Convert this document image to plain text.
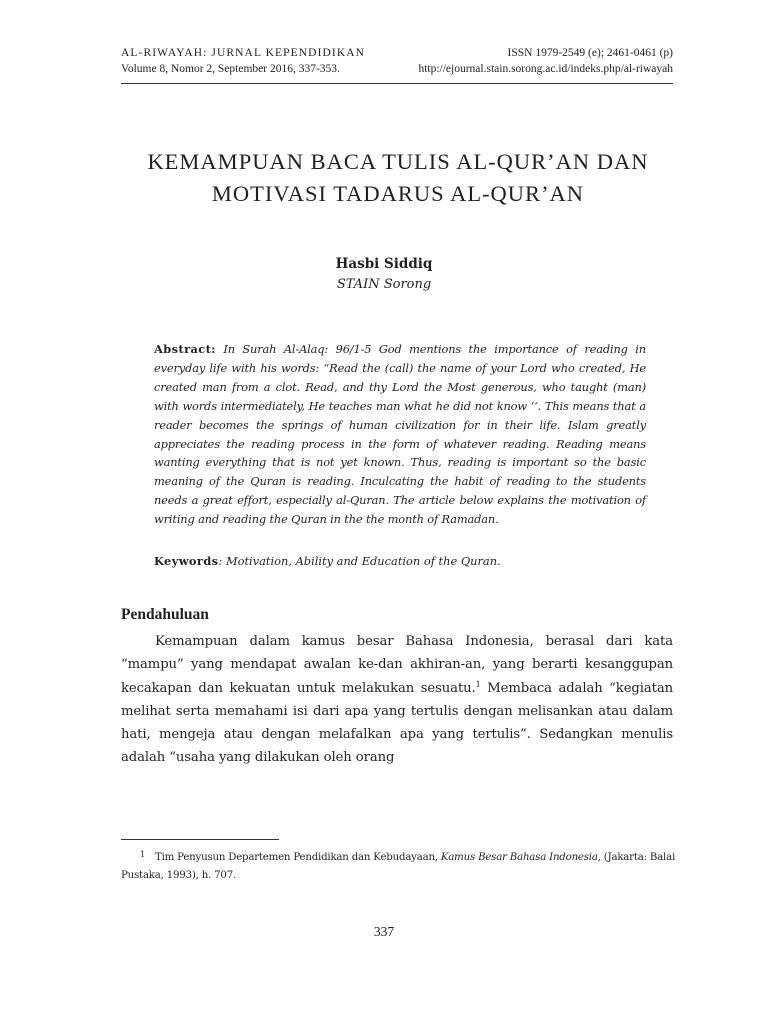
AL-RIWAYAH: JURNAL KEPENDIDIKAN
Volume 8, Nomor 2, September 2016, 337-353.
ISSN 1979-2549 (e); 2461-0461 (p)
http://ejournal.stain.sorong.ac.id/indeks.php/al-riwayah
KEMAMPUAN BACA TULIS AL-QUR’AN DAN
MOTIVASI TADARUS AL-QUR’AN
Hasbi Siddiq
STAIN Sorong
Abstract: In Surah Al-Alaq: 96/1-5 God mentions the importance of reading in everyday life with his words: “Read the (call) the name of your Lord who created, He created man from a clot. Read, and thy Lord the Most generous, who taught (man) with words intermediately, He teaches man what he did not know ‘‘. This means that a reader becomes the springs of human civilization for in their life. Islam greatly appreciates the reading process in the form of whatever reading. Reading means wanting everything that is not yet known. Thus, reading is important so the basic meaning of the Quran is reading. Inculcating the habit of reading to the students needs a great effort, especially al-Quran. The article below explains the motivation of writing and reading the Quran in the the month of Ramadan.
Keywords: Motivation, Ability and Education of the Quran.
Pendahuluan
Kemampuan dalam kamus besar Bahasa Indonesia, berasal dari kata “mampu” yang mendapat awalan ke-dan akhiran-an, yang berarti kesanggupan kecakapan dan kekuatan untuk melakukan sesuatu.$^1$ Membaca adalah “kegiatan melihat serta memahami isi dari apa yang tertulis dengan melisankan atau dalam hati, mengeja atau dengan melafalkan apa yang tertulis”. Sedangkan menulis adalah “usaha yang dilakukan oleh orang
1 Tim Penyusun Departemen Pendidikan dan Kebudayaan, Kamus Besar Bahasa Indonesia, (Jakarta: Balai Pustaka, 1993), h. 707.
337
